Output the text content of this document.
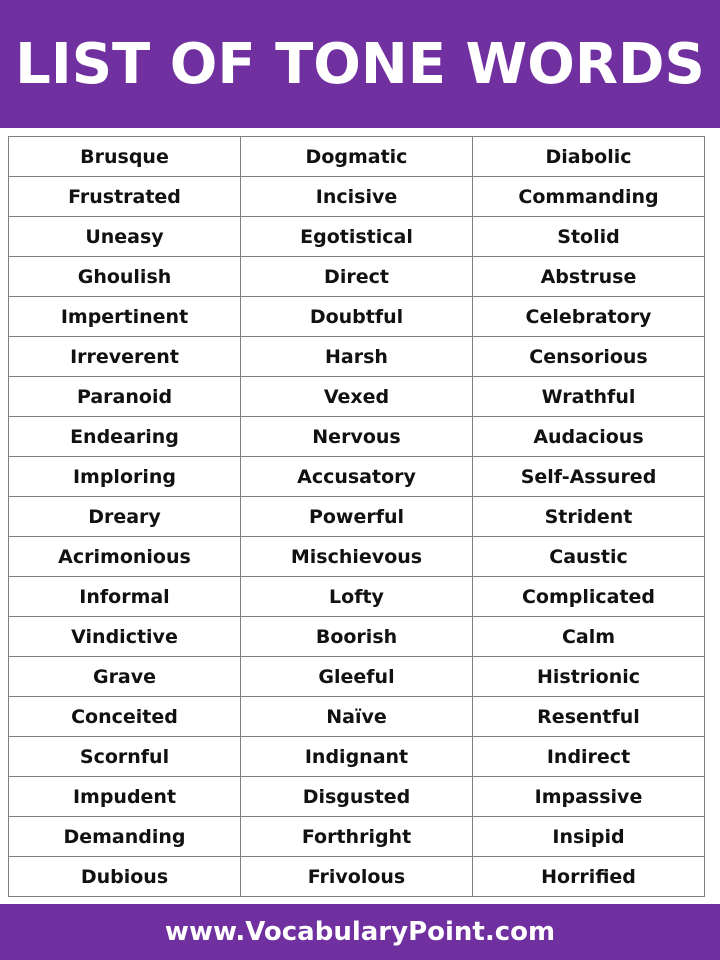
LIST OF TONE WORDS
Brusque	Dogmatic	Diabolic
Frustrated	Incisive	Commanding
Uneasy	Egotistical	Stolid
Ghoulish	Direct	Abstruse
Impertinent	Doubtful	Celebratory
Irreverent	Harsh	Censorious
Paranoid	Vexed	Wrathful
Endearing	Nervous	Audacious
Imploring	Accusatory	Self-Assured
Dreary	Powerful	Strident
Acrimonious	Mischievous	Caustic
Informal	Lofty	Complicated
Vindictive	Boorish	Calm
Grave	Gleeful	Histrionic
Conceited	Naïve	Resentful
Scornful	Indignant	Indirect
Impudent	Disgusted	Impassive
Demanding	Forthright	Insipid
Dubious	Frivolous	Horrified
www.VocabularyPoint.com
